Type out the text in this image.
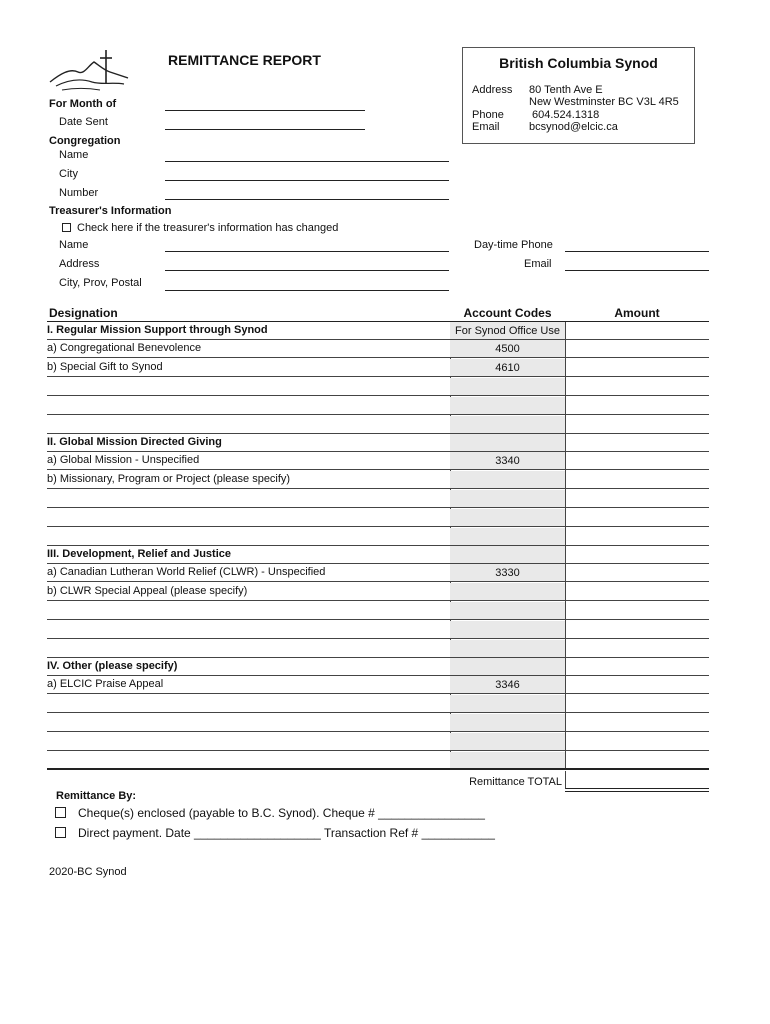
REMITTANCE REPORT	British Columbia Synod
Address 80 Tenth Ave E
New Westminster BC V3L 4R5
Phone	604.524.1318
Email	bcsynod@elcic.ca
For Month of
Date Sent
Congregation
Name
City
Number
Treasurer's Information
Check here if the treasurer's information has changed
Name
Address
City, Prov, Postal
Day-time Phone
Email
Designation	Account Codes	Amount
I. Regular Mission Support through Synod	For Synod Office Use
a) Congregational Benevolence	4500
b) Special Gift to Synod	4610
II. Global Mission Directed Giving
a) Global Mission - Unspecified	3340
b) Missionary, Program or Project (please specify)
III. Development, Relief and Justice
a) Canadian Lutheran World Relief (CLWR) - Unspecified	3330
b) CLWR Special Appeal (please specify)
IV. Other (please specify)
a) ELCIC Praise Appeal	3346
Remittance TOTAL
Remittance By:
Cheque(s) enclosed (payable to B.C. Synod). Cheque # ________________
Direct payment. Date ___________________ Transaction Ref # ___________
2020-BC Synod
